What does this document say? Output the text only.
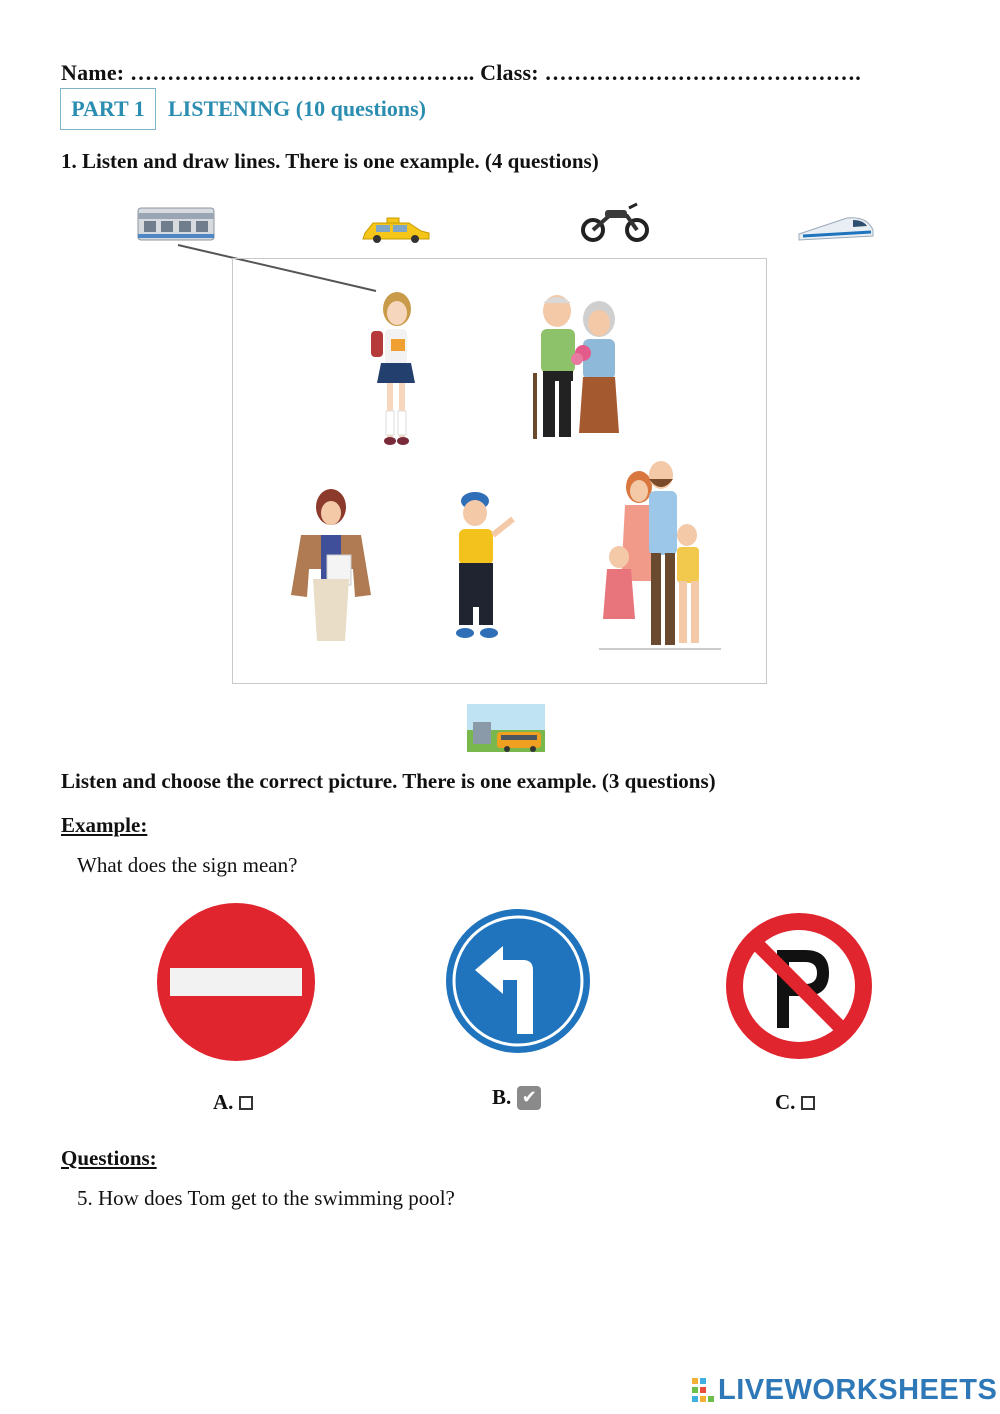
Name: ……………………………………….. Class: …………………………………….
PART 1	LISTENING (10 questions)
1. Listen and draw lines. There is one example. (4 questions)
Listen and choose the correct picture. There is one example. (3 questions)
Example:
What does the sign mean?
A.	B. ✔	C.
Questions:
5. How does Tom get to the swimming pool?
LIVEWORKSHEETS
